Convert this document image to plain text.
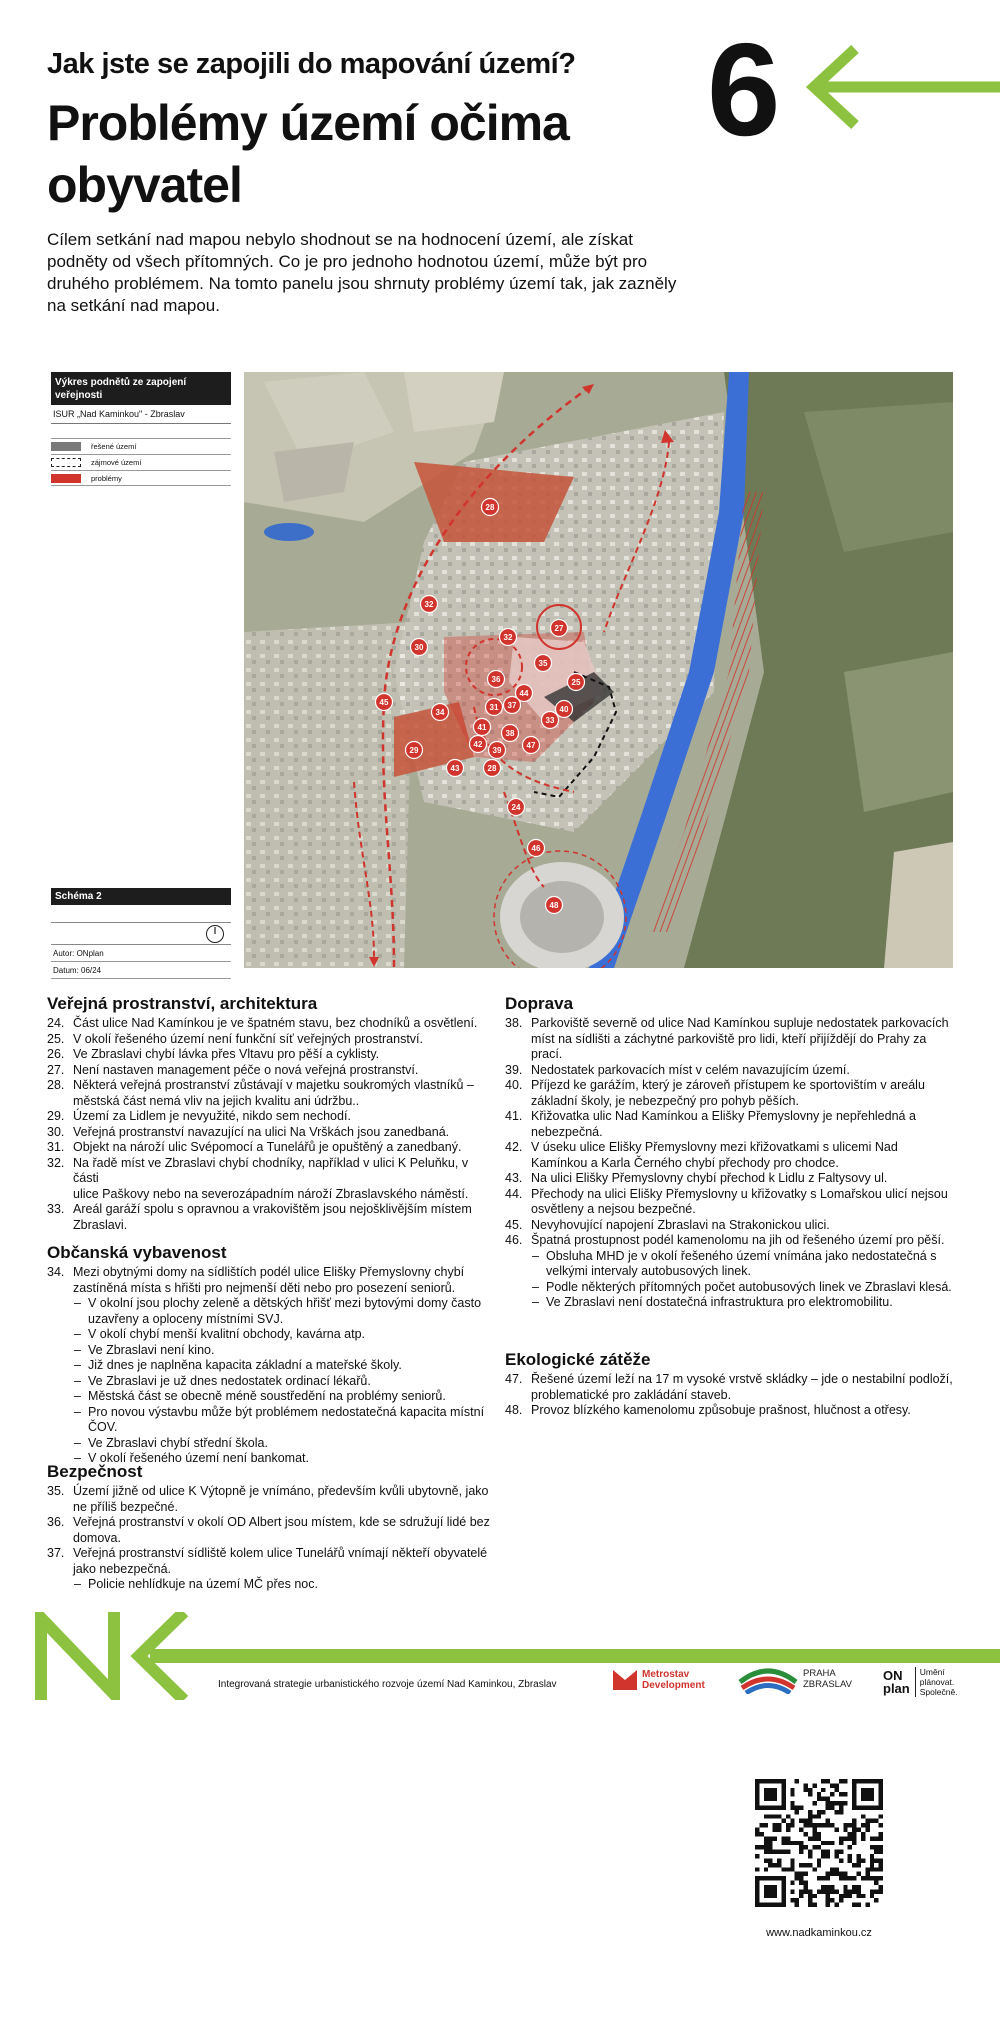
Jak jste se zapojili do mapování území?
Problémy území očima
obyvatel
6
Cílem setkání nad mapou nebylo shodnout se na hodnocení území, ale získat podněty od všech přítomných. Co je pro jednoho hodnotou území, může být pro druhého problémem. Na tomto panelu jsou shrnuty problémy území tak, jak zazněly na setkání nad mapou.
Výkres podnětů ze zapojení veřejnosti
ISUR „Nad Kaminkou" - Zbraslav
řešené území
zájmové území
problémy
Schéma 2
Autor: ONplan
Datum: 06/24
28
32
30
32
27
45
36
35
25
34
31 37
44
40
33
41
38
47
42
39
29
43	28
24
46
48
Veřejná prostranství, architektura
24. Část ulice Nad Kamínkou je ve špatném stavu, bez chodníků a osvětlení.
25. V okolí řešeného území není funkční síť veřejných prostranství.
26. Ve Zbraslavi chybí lávka přes Vltavu pro pěší a cyklisty.
27. Není nastaven management péče o nová veřejná prostranství.
28. Některá veřejná prostranství zůstávají v majetku soukromých vlastníků – městská část nemá vliv na jejich kvalitu ani údržbu..
29. Území za Lidlem je nevyužité, nikdo sem nechodí.
30. Veřejná prostranství navazující na ulici Na Vrškách jsou zanedbaná.
31. Objekt na nároží ulic Svépomocí a Tunelářů je opuštěný a zanedbaný.
32. Na řadě míst ve Zbraslavi chybí chodníky, například v ulici K Peluňku, v části
ulice Paškovy nebo na severozápadním nároží Zbraslavského náměstí.
33. Areál garáží spolu s opravnou a vrakovištěm jsou nejošklivějším místem Zbraslavi.
Občanská vybavenost
34. Mezi obytnými domy na sídlištích podél ulice Elišky Přemyslovny chybí zastíněná místa s hřišti pro nejmenší děti nebo pro posezení seniorů.
– V okolní jsou plochy zeleně a dětských hřišť mezi bytovými domy často uzavřeny a oploceny místními SVJ.
– V okolí chybí menší kvalitní obchody, kavárna atp.
– Ve Zbraslavi není kino.
– Již dnes je naplněna kapacita základní a mateřské školy.
– Ve Zbraslavi je už dnes nedostatek ordinací lékařů.
– Městská část se obecně méně soustředění na problémy seniorů.
– Pro novou výstavbu může být problémem nedostatečná kapacita místní ČOV.
– Ve Zbraslavi chybí střední škola.
– V okolí řešeného území není bankomat.
Bezpečnost
35. Území jižně od ulice K Výtopně je vnímáno, především kvůli ubytovně, jako ne příliš bezpečné.
36. Veřejná prostranství v okolí OD Albert jsou místem, kde se sdružují lidé bez domova.
37. Veřejná prostranství sídliště kolem ulice Tunelářů vnímají někteří obyvatelé jako nebezpečná.
– Policie nehlídkuje na území MČ přes noc.
Doprava
38. Parkoviště severně od ulice Nad Kamínkou supluje nedostatek parkovacích míst na sídlišti a záchytné parkoviště pro lidi, kteří přijíždějí do Prahy za prací.
39. Nedostatek parkovacích míst v celém navazujícím území.
40. Příjezd ke garážím, který je zároveň přístupem ke sportovištím v areálu základní školy, je nebezpečný pro pohyb pěších.
41. Křižovatka ulic Nad Kamínkou a Elišky Přemyslovny je nepřehledná a nebezpečná.
42. V úseku ulice Elišky Přemyslovny mezi křižovatkami s ulicemi Nad Kamínkou a Karla Černého chybí přechody pro chodce.
43. Na ulici Elišky Přemyslovny chybí přechod k Lidlu z Faltysovy ul.
44. Přechody na ulici Elišky Přemyslovny u křižovatky s Lomařskou ulicí nejsou osvětleny a nejsou bezpečné.
45. Nevyhovující napojení Zbraslavi na Strakonickou ulici.
46. Špatná prostupnost podél kamenolomu na jih od řešeného území pro pěší.
– Obsluha MHD je v okolí řešeného území vnímána jako nedostatečná s velkými intervaly autobusových linek.
– Podle některých přítomných počet autobusových linek ve Zbraslavi klesá.
– Ve Zbraslavi není dostatečná infrastruktura pro elektromobilitu.
Ekologické zátěže
47. Řešené území leží na 17 m vysoké vrstvě skládky – jde o nestabilní podloží, problematické pro zakládání staveb.
48. Provoz blízkého kamenolomu způsobuje prašnost, hlučnost a otřesy.
Integrovaná strategie urbanistického rozvoje území Nad Kaminkou, Zbraslav
Metrostav
Development
PRAHA
ZBRASLAV
ON
plan
Umění
plánovat.
Společně.
www.nadkaminkou.cz
